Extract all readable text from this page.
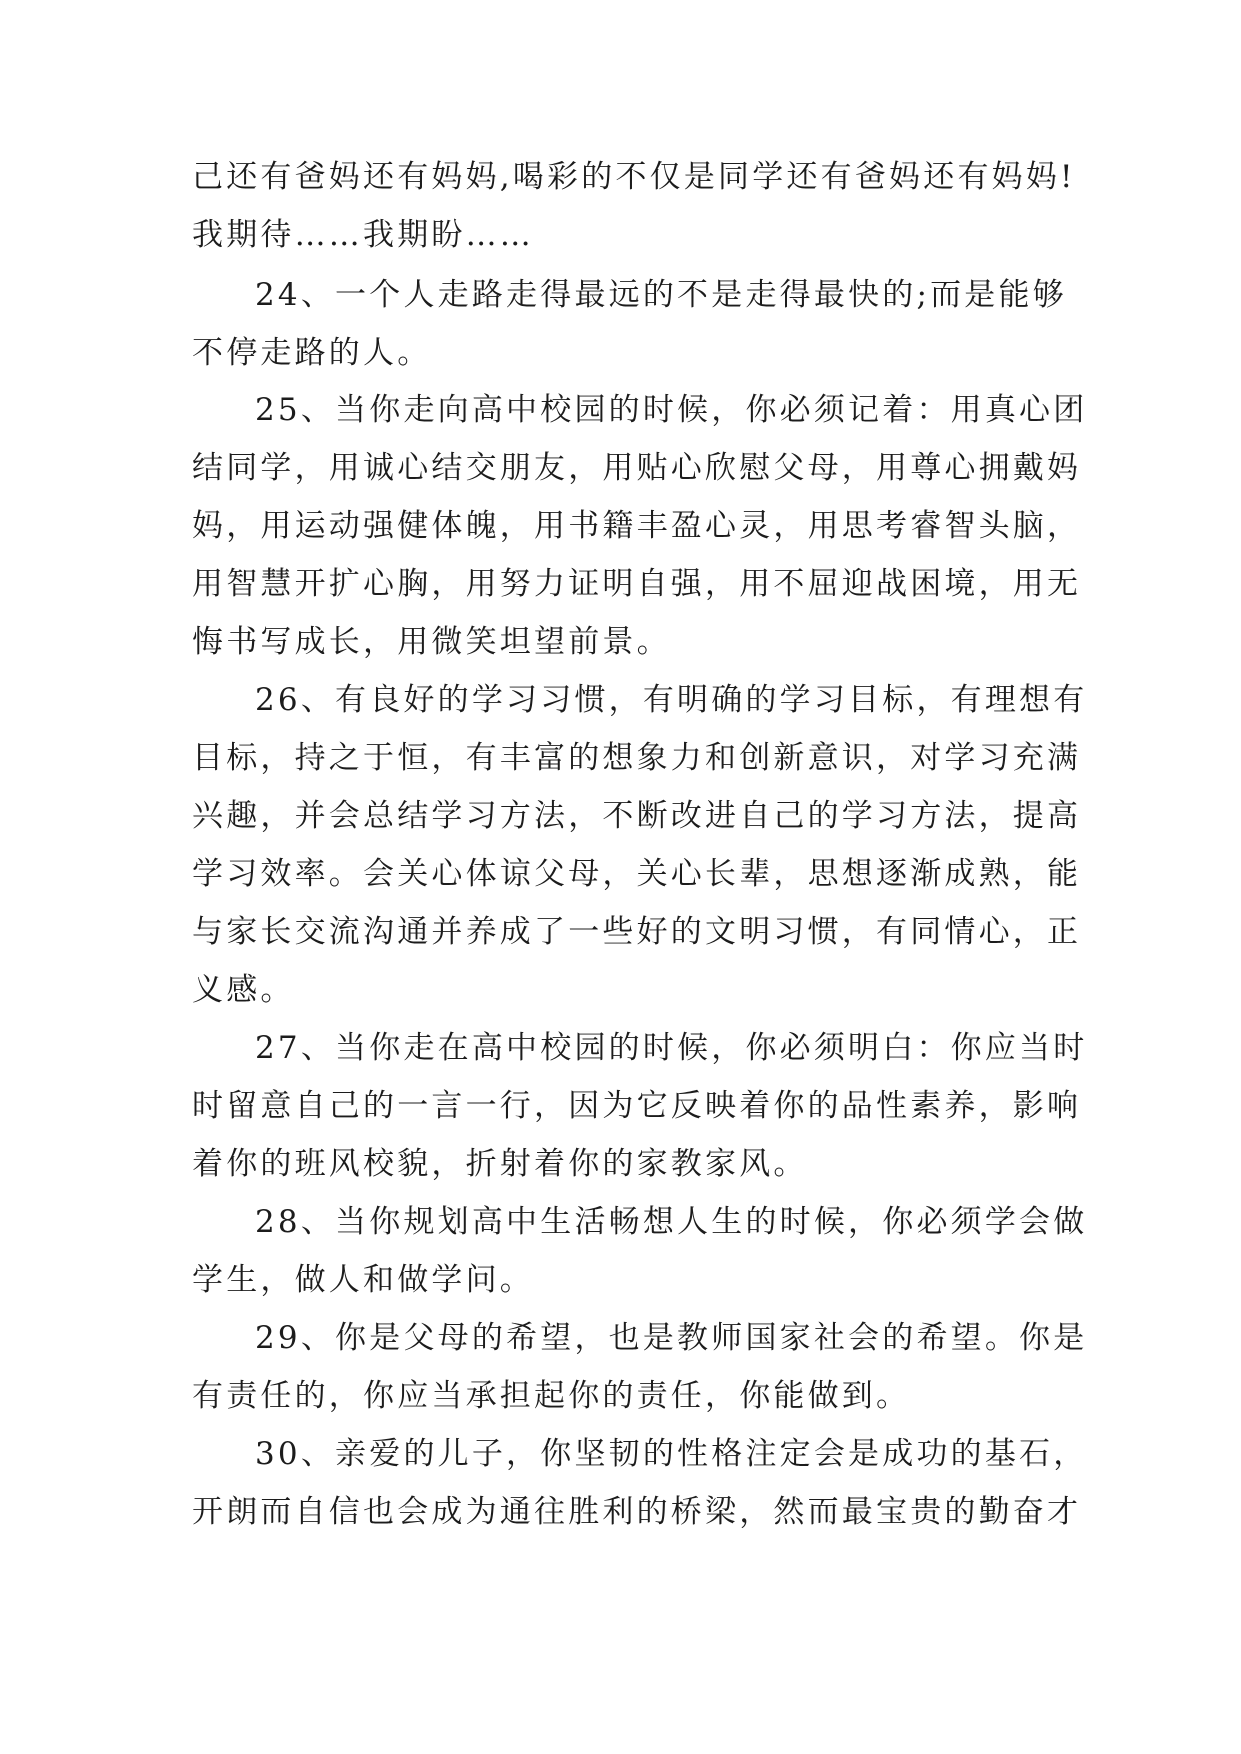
己还有爸妈还有妈妈,喝彩的不仅是同学还有爸妈还有妈妈!
我期待……我期盼……
24、一个人走路走得最远的不是走得最快的;而是能够
不停走路的人。
25、当你走向高中校园的时候，你必须记着：用真心团
结同学，用诚心结交朋友，用贴心欣慰父母，用尊心拥戴妈
妈，用运动强健体魄，用书籍丰盈心灵，用思考睿智头脑，
用智慧开扩心胸，用努力证明自强，用不屈迎战困境，用无
悔书写成长，用微笑坦望前景。
26、有良好的学习习惯，有明确的学习目标，有理想有
目标，持之于恒，有丰富的想象力和创新意识，对学习充满
兴趣，并会总结学习方法，不断改进自己的学习方法，提高
学习效率。会关心体谅父母，关心长辈，思想逐渐成熟，能
与家长交流沟通并养成了一些好的文明习惯，有同情心，正
义感。
27、当你走在高中校园的时候，你必须明白：你应当时
时留意自己的一言一行，因为它反映着你的品性素养，影响
着你的班风校貌，折射着你的家教家风。
28、当你规划高中生活畅想人生的时候，你必须学会做
学生，做人和做学问。
29、你是父母的希望，也是教师国家社会的希望。你是
有责任的，你应当承担起你的责任，你能做到。
30、亲爱的儿子，你坚韧的性格注定会是成功的基石，
开朗而自信也会成为通往胜利的桥梁，然而最宝贵的勤奋才
